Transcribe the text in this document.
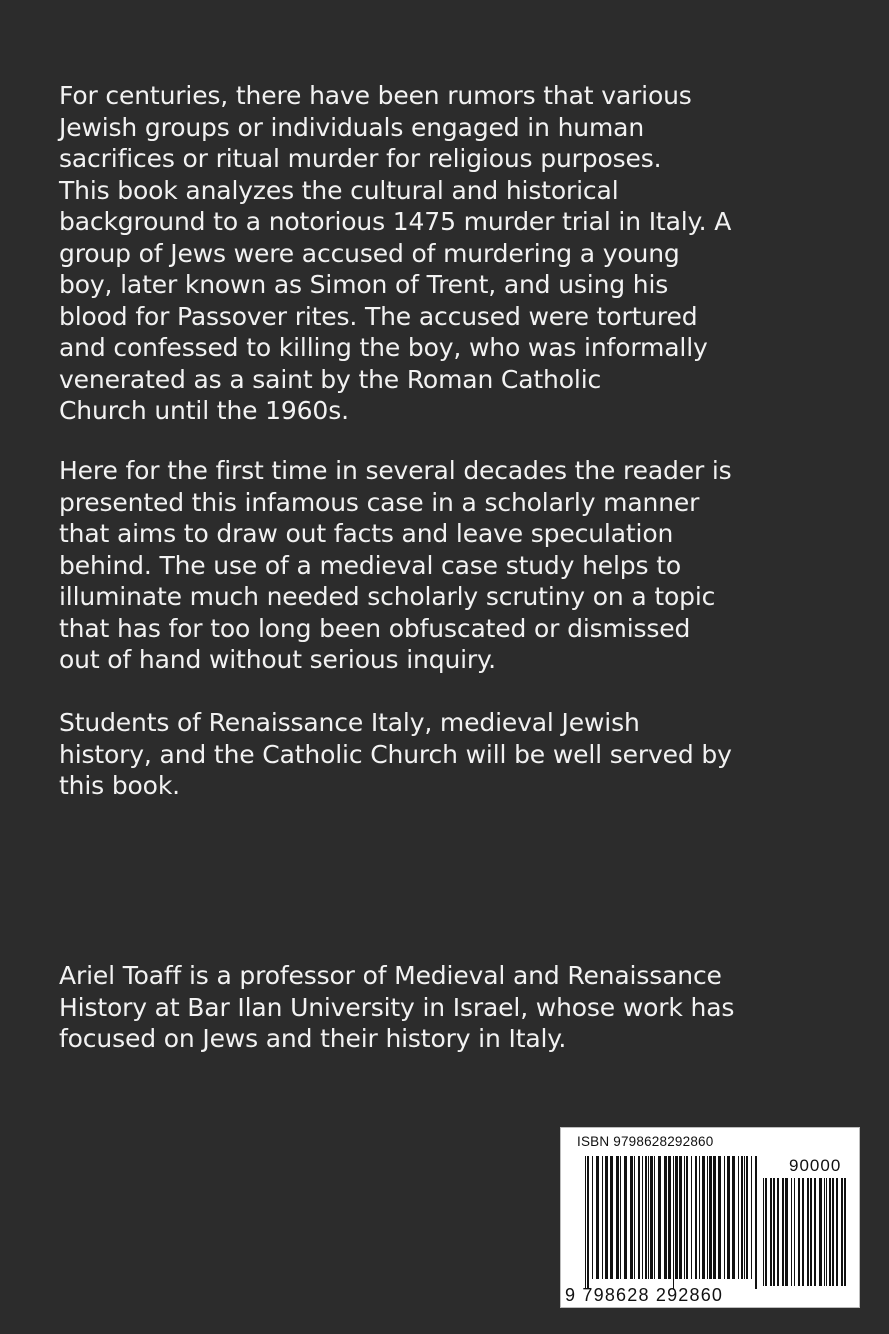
For centuries, there have been rumors that various
Jewish groups or individuals engaged in human
sacrifices or ritual murder for religious purposes.
This book analyzes the cultural and historical
background to a notorious 1475 murder trial in Italy. A
group of Jews were accused of murdering a young
boy, later known as Simon of Trent, and using his
blood for Passover rites. The accused were tortured
and confessed to killing the boy, who was informally
venerated as a saint by the Roman Catholic
Church until the 1960s.
Here for the first time in several decades the reader is
presented this infamous case in a scholarly manner
that aims to draw out facts and leave speculation
behind. The use of a medieval case study helps to
illuminate much needed scholarly scrutiny on a topic
that has for too long been obfuscated or dismissed
out of hand without serious inquiry.
Students of Renaissance Italy, medieval Jewish
history, and the Catholic Church will be well served by
this book.
Ariel Toaff is a professor of Medieval and Renaissance
History at Bar Ilan University in Israel, whose work has
focused on Jews and their history in Italy.
ISBN 9798628292860
90000
9 798628 292860
